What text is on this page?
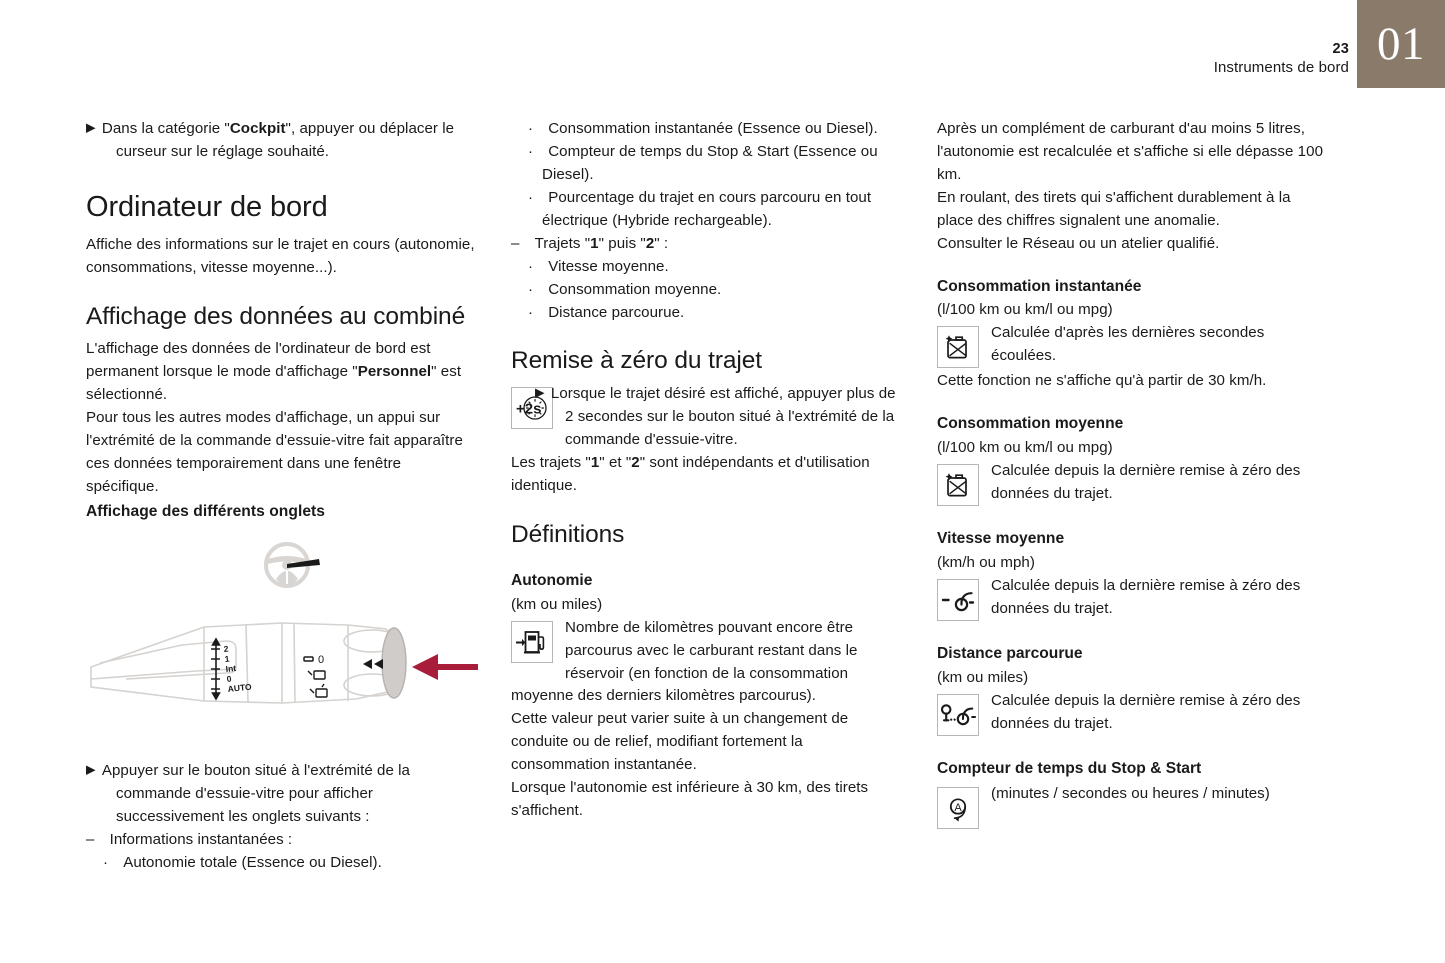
23
Instruments de bord 01

▶ Dans la catégorie "Cockpit", appuyer ou déplacer le curseur sur le réglage souhaité.

Ordinateur de bord

Affiche des informations sur le trajet en cours (autonomie, consommations, vitesse moyenne...).

Affichage des données au combiné

L'affichage des données de l'ordinateur de bord est permanent lorsque le mode d'affichage "Personnel" est sélectionné.

Pour tous les autres modes d'affichage, un appui sur l'extrémité de la commande d'essuie-vitre fait apparaître ces données temporairement dans une fenêtre spécifique.

Affichage des différents onglets

2
1
Int
0
AUTO
0

▶ Appuyer sur le bouton situé à l'extrémité de la commande d'essuie-vitre pour afficher successivement les onglets suivants :

– Informations instantanées :

· Autonomie totale (Essence ou Diesel).

· Consommation instantanée (Essence ou Diesel).

· Compteur de temps du Stop & Start (Essence ou Diesel).

· Pourcentage du trajet en cours parcouru en tout électrique (Hybride rechargeable).

– Trajets "1" puis "2" :

· Vitesse moyenne.

· Consommation moyenne.

· Distance parcourue.

Remise à zéro du trajet
+2s

▶ Lorsque le trajet désiré est affiché, appuyer plus de 2 secondes sur le bouton situé à l'extrémité de la commande d'essuie-vitre.

Les trajets "1" et "2" sont indépendants et d'utilisation identique.

Définitions
Autonomie

(km ou miles)

Nombre de kilomètres pouvant encore être parcourus avec le carburant restant dans le réservoir (en fonction de la consommation moyenne des derniers kilomètres parcourus).

Cette valeur peut varier suite à un changement de conduite ou de relief, modifiant fortement la consommation instantanée.

Lorsque l'autonomie est inférieure à 30 km, des tirets s'affichent.

Après un complément de carburant d'au moins 5 litres, l'autonomie est recalculée et s'affiche si elle dépasse 100 km.

En roulant, des tirets qui s'affichent durablement à la place des chiffres signalent une anomalie.

Consulter le Réseau ou un atelier qualifié.

Consommation instantanée

(l/100 km ou km/l ou mpg)

Calculée d'après les dernières secondes écoulées.

Cette fonction ne s'affiche qu'à partir de 30 km/h.

Consommation moyenne

(l/100 km ou km/l ou mpg)

Calculée depuis la dernière remise à zéro des données du trajet.

Vitesse moyenne

(km/h ou mph)

Calculée depuis la dernière remise à zéro des données du trajet.

Distance parcourue

(km ou miles)

Calculée depuis la dernière remise à zéro des données du trajet.

Compteur de temps du Stop & Start
A

(minutes / secondes ou heures / minutes)
